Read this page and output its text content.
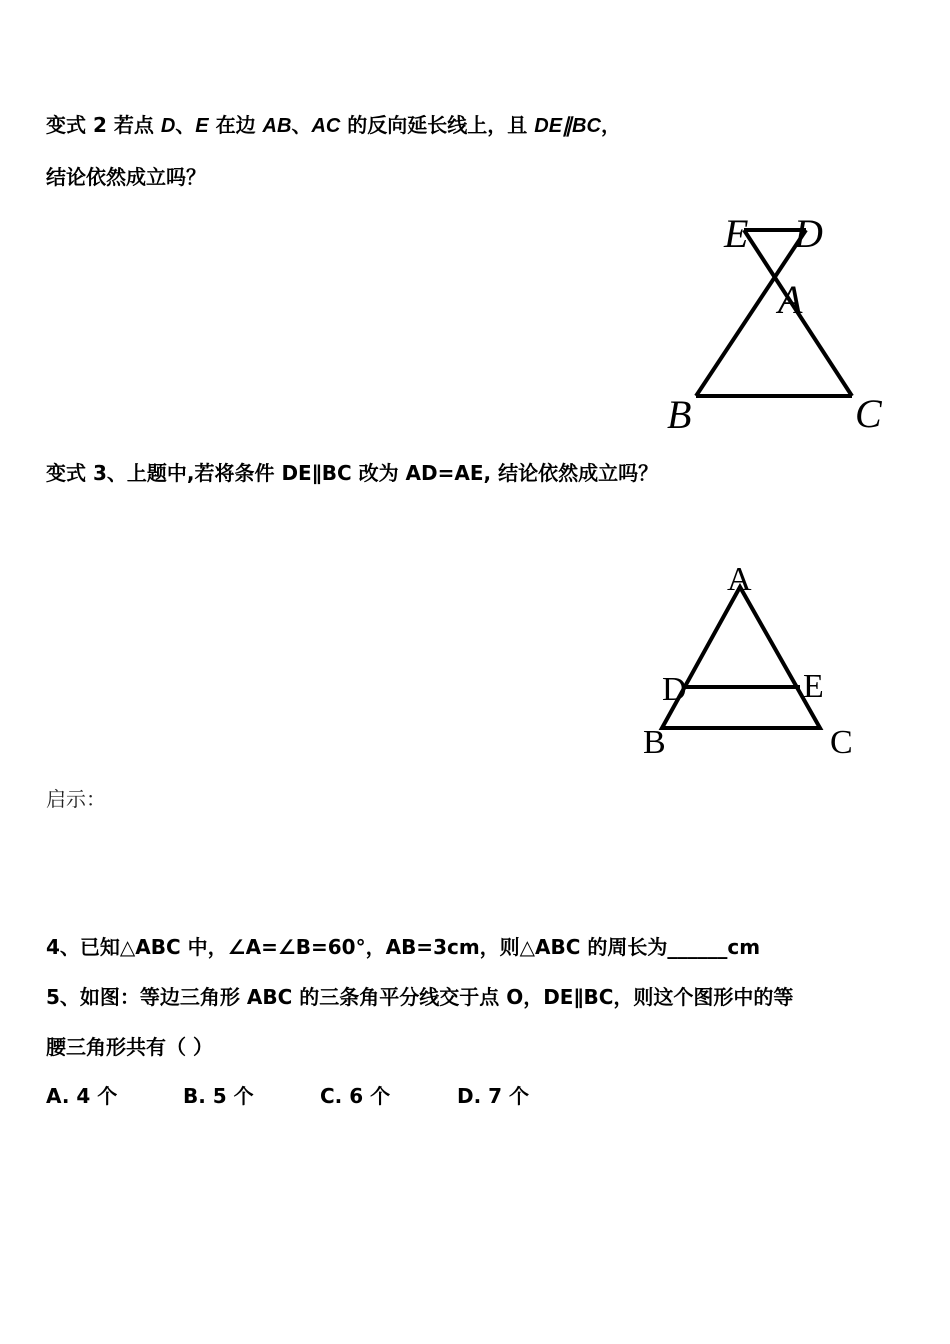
变式 2 若点 D、E 在边 AB、AC 的反向延长线上，且 DE∥BC，
结论依然成立吗？
E D
A
B	C
A
D	E
B	C
变式 3、上题中,若将条件 DE∥BC 改为 AD=AE, 结论依然成立吗？
启示：
4、已知△ABC 中，∠A=∠B=60°，AB=3cm，则△ABC 的周长为______cm
5、如图：等边三角形 ABC 的三条角平分线交于点 O，DE∥BC，则这个图形中的等
腰三角形共有（ ）
A. 4 个	B. 5 个	C. 6 个	D. 7 个
